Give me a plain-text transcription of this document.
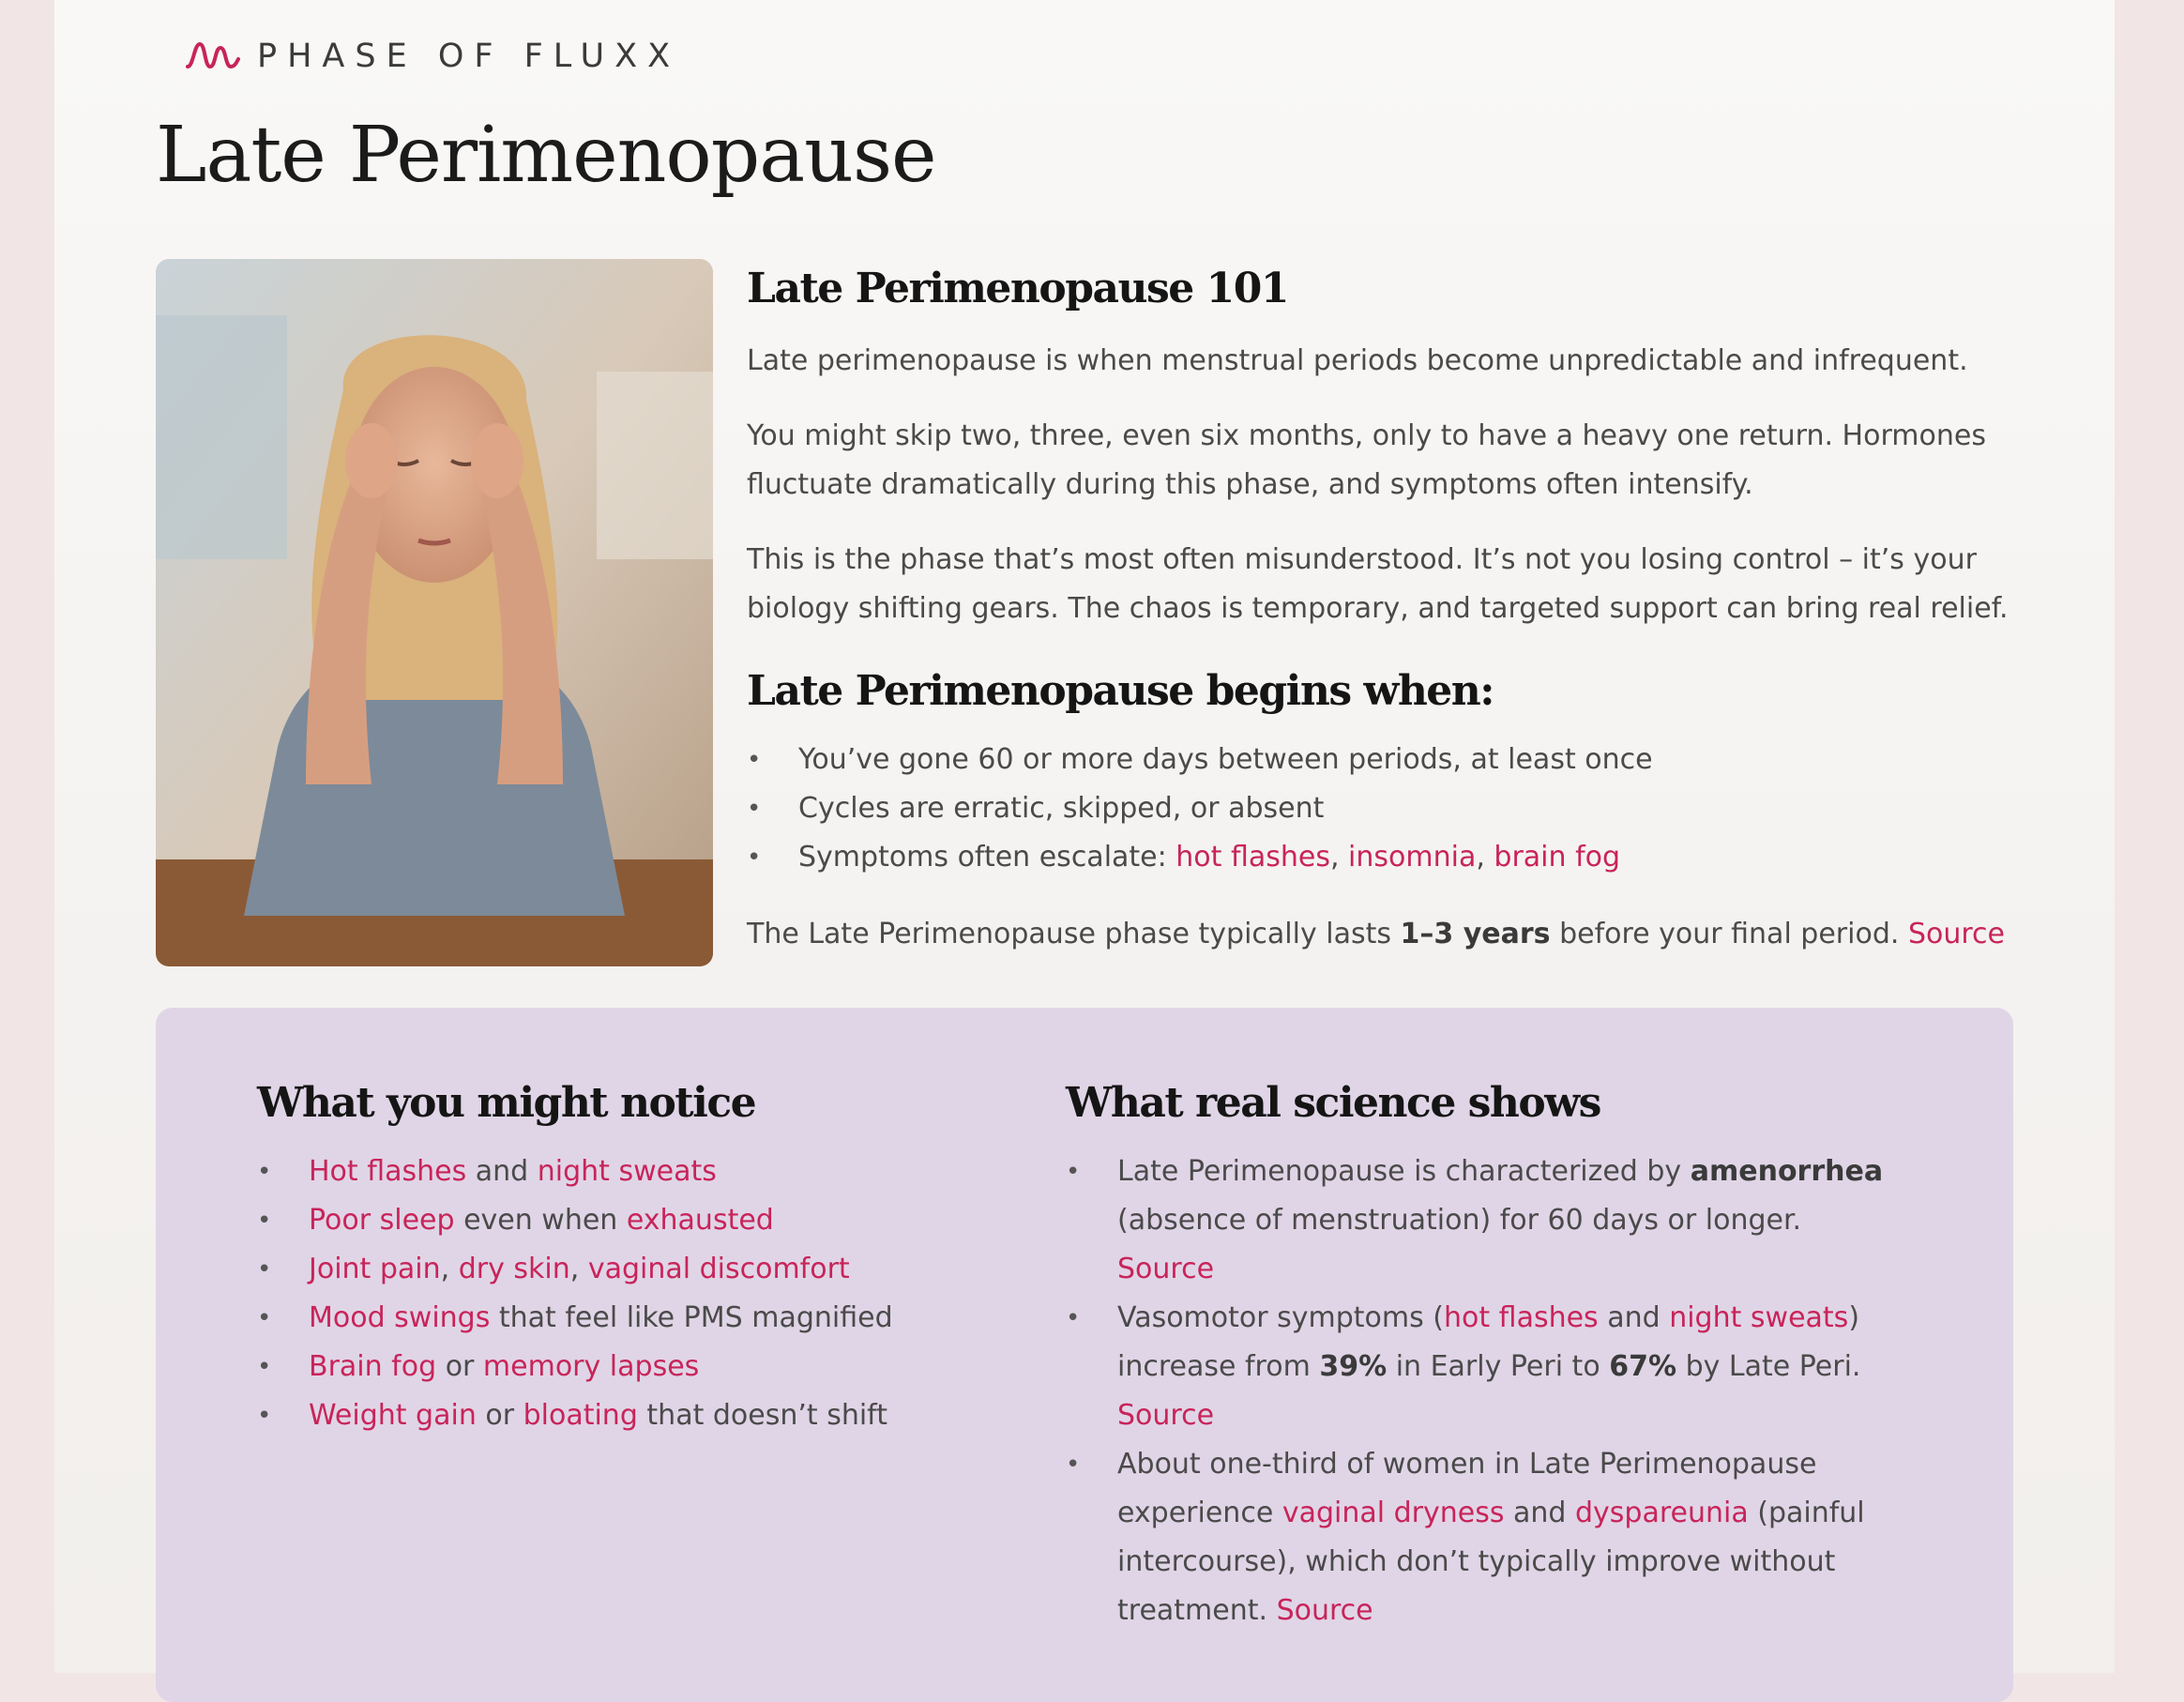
PHASE OF FLUXX
Late Perimenopause
Late Perimenopause 101

Late perimenopause is when menstrual periods become unpredictable and infrequent.

You might skip two, three, even six months, only to have a heavy one return. Hormones fluctuate dramatically during this phase, and symptoms often intensify.

This is the phase that’s most often misunderstood. It’s not you losing control – it’s your biology shifting gears. The chaos is temporary, and targeted support can bring real relief.

Late Perimenopause begins when:
• You’ve gone 60 or more days between periods, at least once
• Cycles are erratic, skipped, or absent
• Symptoms often escalate: hot flashes, insomnia, brain fog

The Late Perimenopause phase typically lasts 1–3 years before your final period. Source

What you might notice
• Hot flashes and night sweats
• Poor sleep even when exhausted
• Joint pain, dry skin, vaginal discomfort
• Mood swings that feel like PMS magnified
• Brain fog or memory lapses
• Weight gain or bloating that doesn’t shift
What real science shows
• Late Perimenopause is characterized by amenorrhea (absence of menstruation) for 60 days or longer.
Source
• Vasomotor symptoms (hot flashes and night sweats) increase from 39% in Early Peri to 67% by Late Peri.
Source
• About one-third of women in Late Perimenopause experience vaginal dryness and dyspareunia (painful intercourse), which don’t typically improve without treatment. Source
